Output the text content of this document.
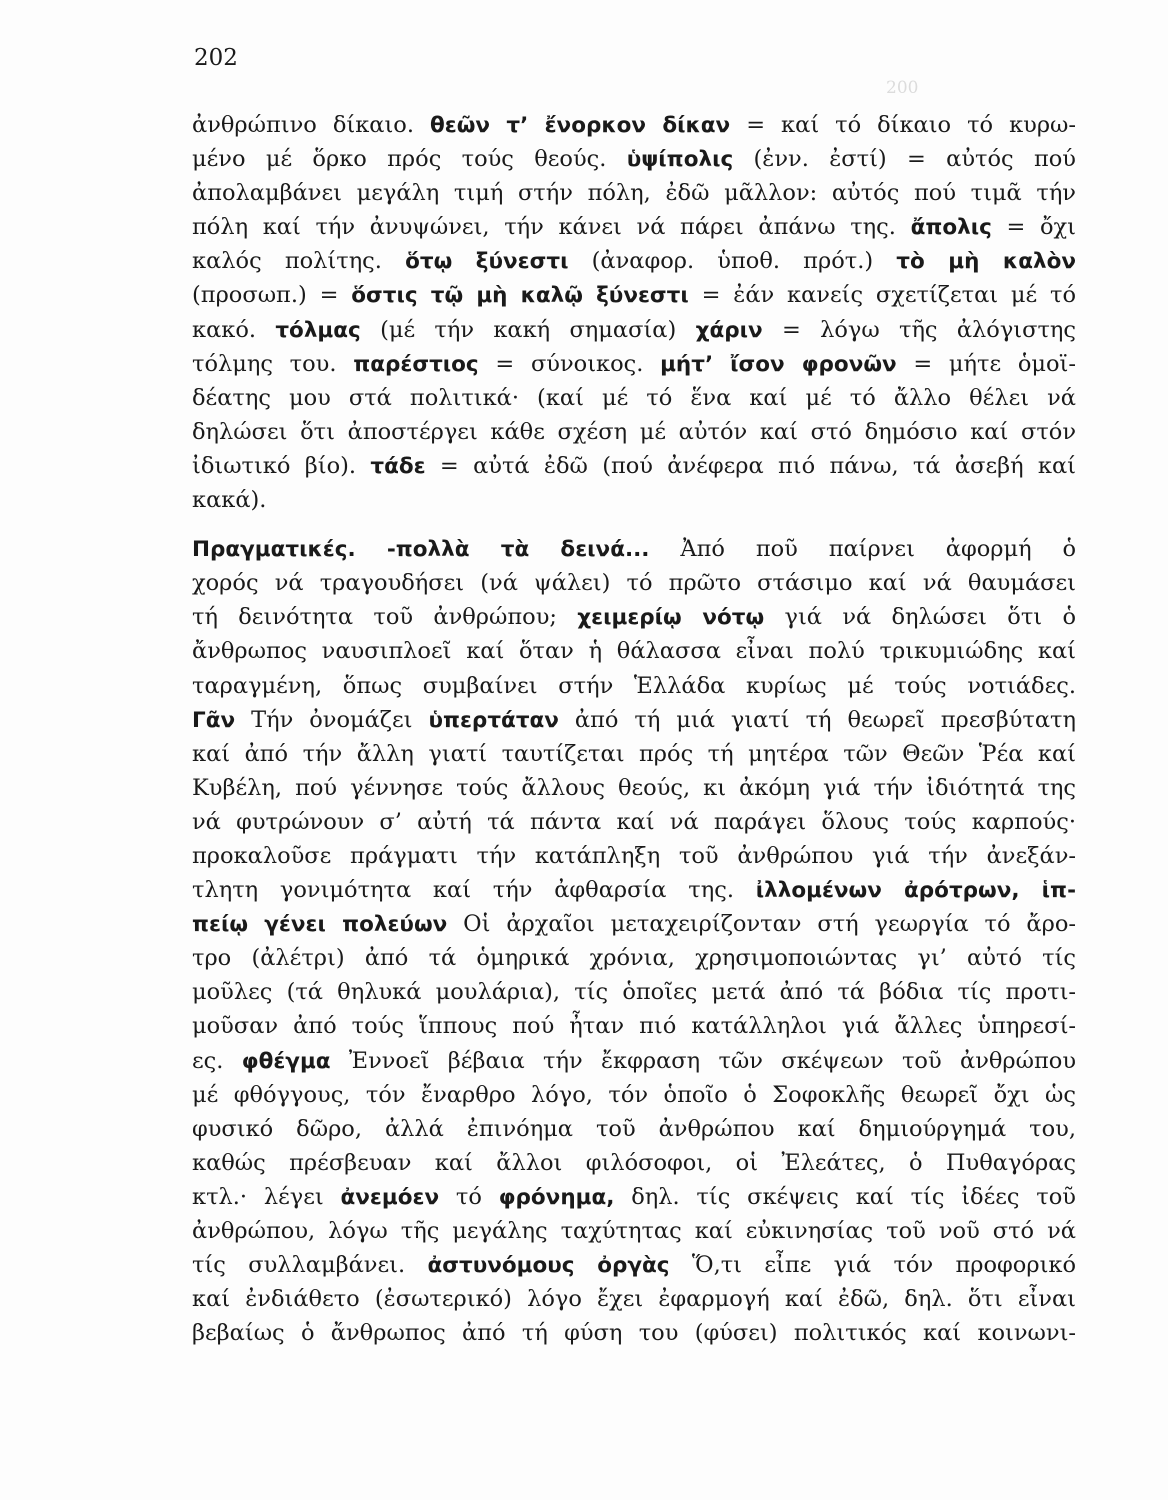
202
200
ἀνθρώπινο δίκαιο. θεῶν τ’ ἔνορκον δίκαν = καί τό δίκαιο τό κυρω-
μένο μέ ὅρκο πρός τούς θεούς. ὑψίπολις (ἐνν. ἐστί) = αὐτός πού
ἀπολαμβάνει μεγάλη τιμή στήν πόλη, ἐδῶ μᾶλλον: αὐτός πού τιμᾶ τήν
πόλη καί τήν ἀνυψώνει, τήν κάνει νά πάρει ἀπάνω της. ἄπολις = ὄχι
καλός πολίτης. ὅτῳ ξύνεστι (ἀναφορ. ὑποθ. πρότ.) τὸ μὴ καλὸν
(προσωπ.) = ὅστις τῷ μὴ καλῷ ξύνεστι = ἐάν κανείς σχετίζεται μέ τό
κακό. τόλμας (μέ τήν κακή σημασία) χάριν = λόγω τῆς ἀλόγιστης
τόλμης του. παρέστιος = σύνοικος. μήτ’ ἴσον φρονῶν = μήτε ὁμοϊ-
δέατης μου στά πολιτικά· (καί μέ τό ἕνα καί μέ τό ἄλλο θέλει νά
δηλώσει ὅτι ἀποστέργει κάθε σχέση μέ αὐτόν καί στό δημόσιο καί στόν
ἰδιωτικό βίο). τάδε = αὐτά ἐδῶ (πού ἀνέφερα πιό πάνω, τά ἀσεβή καί
κακά).
Πραγματικές. -πολλὰ τὰ δεινά... Ἀπό ποῦ παίρνει ἀφορμή ὁ
χορός νά τραγουδήσει (νά ψάλει) τό πρῶτο στάσιμο καί νά θαυμάσει
τή δεινότητα τοῦ ἀνθρώπου; χειμερίῳ νότῳ γιά νά δηλώσει ὅτι ὁ
ἄνθρωπος ναυσιπλοεῖ καί ὅταν ἡ θάλασσα εἶναι πολύ τρικυμιώδης καί
ταραγμένη, ὅπως συμβαίνει στήν Ἑλλάδα κυρίως μέ τούς νοτιάδες.
Γᾶν Τήν ὀνομάζει ὑπερτάταν ἀπό τή μιά γιατί τή θεωρεῖ πρεσβύτατη
καί ἀπό τήν ἄλλη γιατί ταυτίζεται πρός τή μητέρα τῶν Θεῶν Ῥέα καί
Κυβέλη, πού γέννησε τούς ἄλλους θεούς, κι ἀκόμη γιά τήν ἰδιότητά της
νά φυτρώνουν σ’ αὐτή τά πάντα καί νά παράγει ὅλους τούς καρπούς·
προκαλοῦσε πράγματι τήν κατάπληξη τοῦ ἀνθρώπου γιά τήν ἀνεξάν-
τλητη γονιμότητα καί τήν ἀφθαρσία της. ἰλλομένων ἀρότρων, ἱπ-
πείῳ γένει πολεύων Οἱ ἀρχαῖοι μεταχειρίζονταν στή γεωργία τό ἄρο-
τρο (ἀλέτρι) ἀπό τά ὁμηρικά χρόνια, χρησιμοποιώντας γι’ αὐτό τίς
μοῦλες (τά θηλυκά μουλάρια), τίς ὁποῖες μετά ἀπό τά βόδια τίς προτι-
μοῦσαν ἀπό τούς ἵππους πού ἦταν πιό κατάλληλοι γιά ἄλλες ὑπηρεσί-
ες. φθέγμα Ἐννοεῖ βέβαια τήν ἔκφραση τῶν σκέψεων τοῦ ἀνθρώπου
μέ φθόγγους, τόν ἔναρθρο λόγο, τόν ὁποῖο ὁ Σοφοκλῆς θεωρεῖ ὄχι ὡς
φυσικό δῶρο, ἀλλά ἐπινόημα τοῦ ἀνθρώπου καί δημιούργημά του,
καθώς πρέσβευαν καί ἄλλοι φιλόσοφοι, οἱ Ἐλεάτες, ὁ Πυθαγόρας
κτλ.· λέγει ἀνεμόεν τό φρόνημα, δηλ. τίς σκέψεις καί τίς ἰδέες τοῦ
ἀνθρώπου, λόγω τῆς μεγάλης ταχύτητας καί εὐκινησίας τοῦ νοῦ στό νά
τίς συλλαμβάνει. ἀστυνόμους ὀργὰς Ὅ,τι εἶπε γιά τόν προφορικό
καί ἐνδιάθετο (ἐσωτερικό) λόγο ἔχει ἐφαρμογή καί ἐδῶ, δηλ. ὅτι εἶναι
βεβαίως ὁ ἄνθρωπος ἀπό τή φύση του (φύσει) πολιτικός καί κοινωνι-
